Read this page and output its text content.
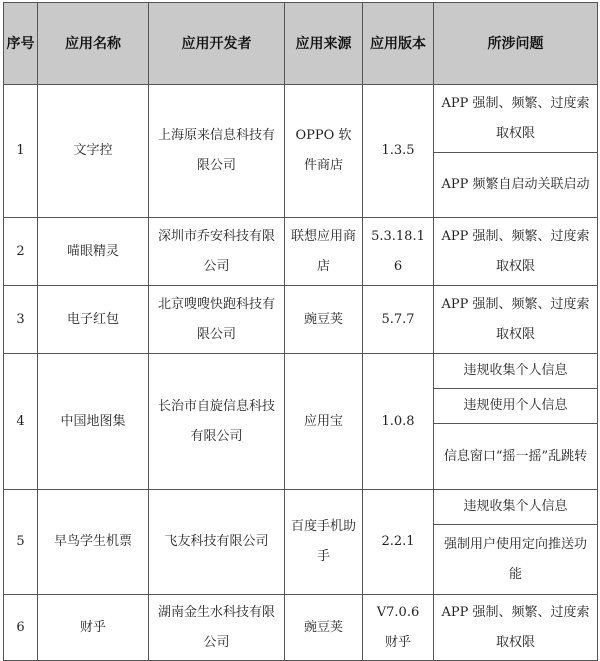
序号	应用名称	应用开发者	应用来源	应用版本	所涉问题
1	文字控	上海原来信息科技有限公司	OPPO 软件商店	1.3.5	APP 强制、频繁、过度索取权限
					APP 频繁自启动关联启动
2	喵眼精灵	深圳市乔安科技有限公司	联想应用商店	5.3.18.16	APP 强制、频繁、过度索取权限
3	电子红包	北京嗖嗖快跑科技有限公司	豌豆荚	5.7.7	APP 强制、频繁、过度索取权限
4	中国地图集	长治市自旋信息科技有限公司	应用宝	1.0.8	违规收集个人信息
					违规使用个人信息
					信息窗口“摇一摇”乱跳转
5	早鸟学生机票	飞友科技有限公司	百度手机助手	2.2.1	违规收集个人信息
					强制用户使用定向推送功能
6	财乎	湖南金生水科技有限公司	豌豆荚	V7.0.6 财乎	APP 强制、频繁、过度索取权限
